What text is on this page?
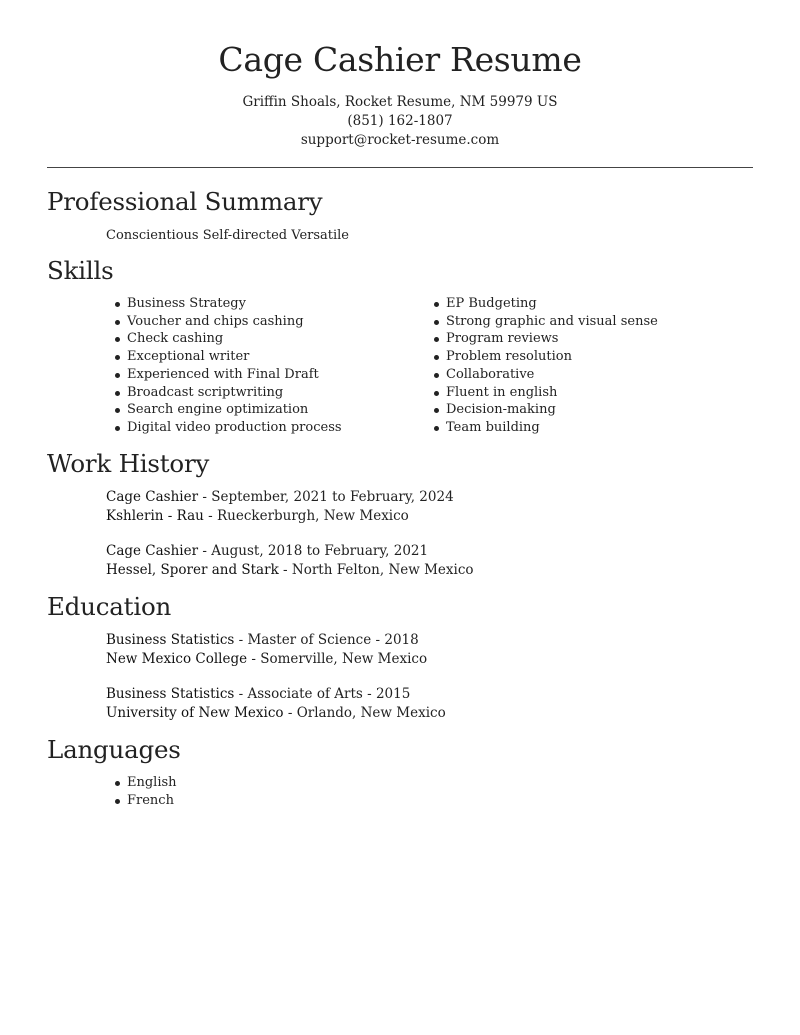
Cage Cashier Resume
Griffin Shoals, Rocket Resume, NM 59979 US
(851) 162-1807
support@rocket-resume.com
Professional Summary
Conscientious Self-directed Versatile
Skills
Business Strategy
Voucher and chips cashing
Check cashing
Exceptional writer
Experienced with Final Draft
Broadcast scriptwriting
Search engine optimization
Digital video production process
EP Budgeting
Strong graphic and visual sense
Program reviews
Problem resolution
Collaborative
Fluent in english
Decision-making
Team building
Work History
Cage Cashier - September, 2021 to February, 2024
Kshlerin - Rau - Rueckerburgh, New Mexico
Cage Cashier - August, 2018 to February, 2021
Hessel, Sporer and Stark - North Felton, New Mexico
Education
Business Statistics - Master of Science - 2018
New Mexico College - Somerville, New Mexico
Business Statistics - Associate of Arts - 2015
University of New Mexico - Orlando, New Mexico
Languages
English
French
